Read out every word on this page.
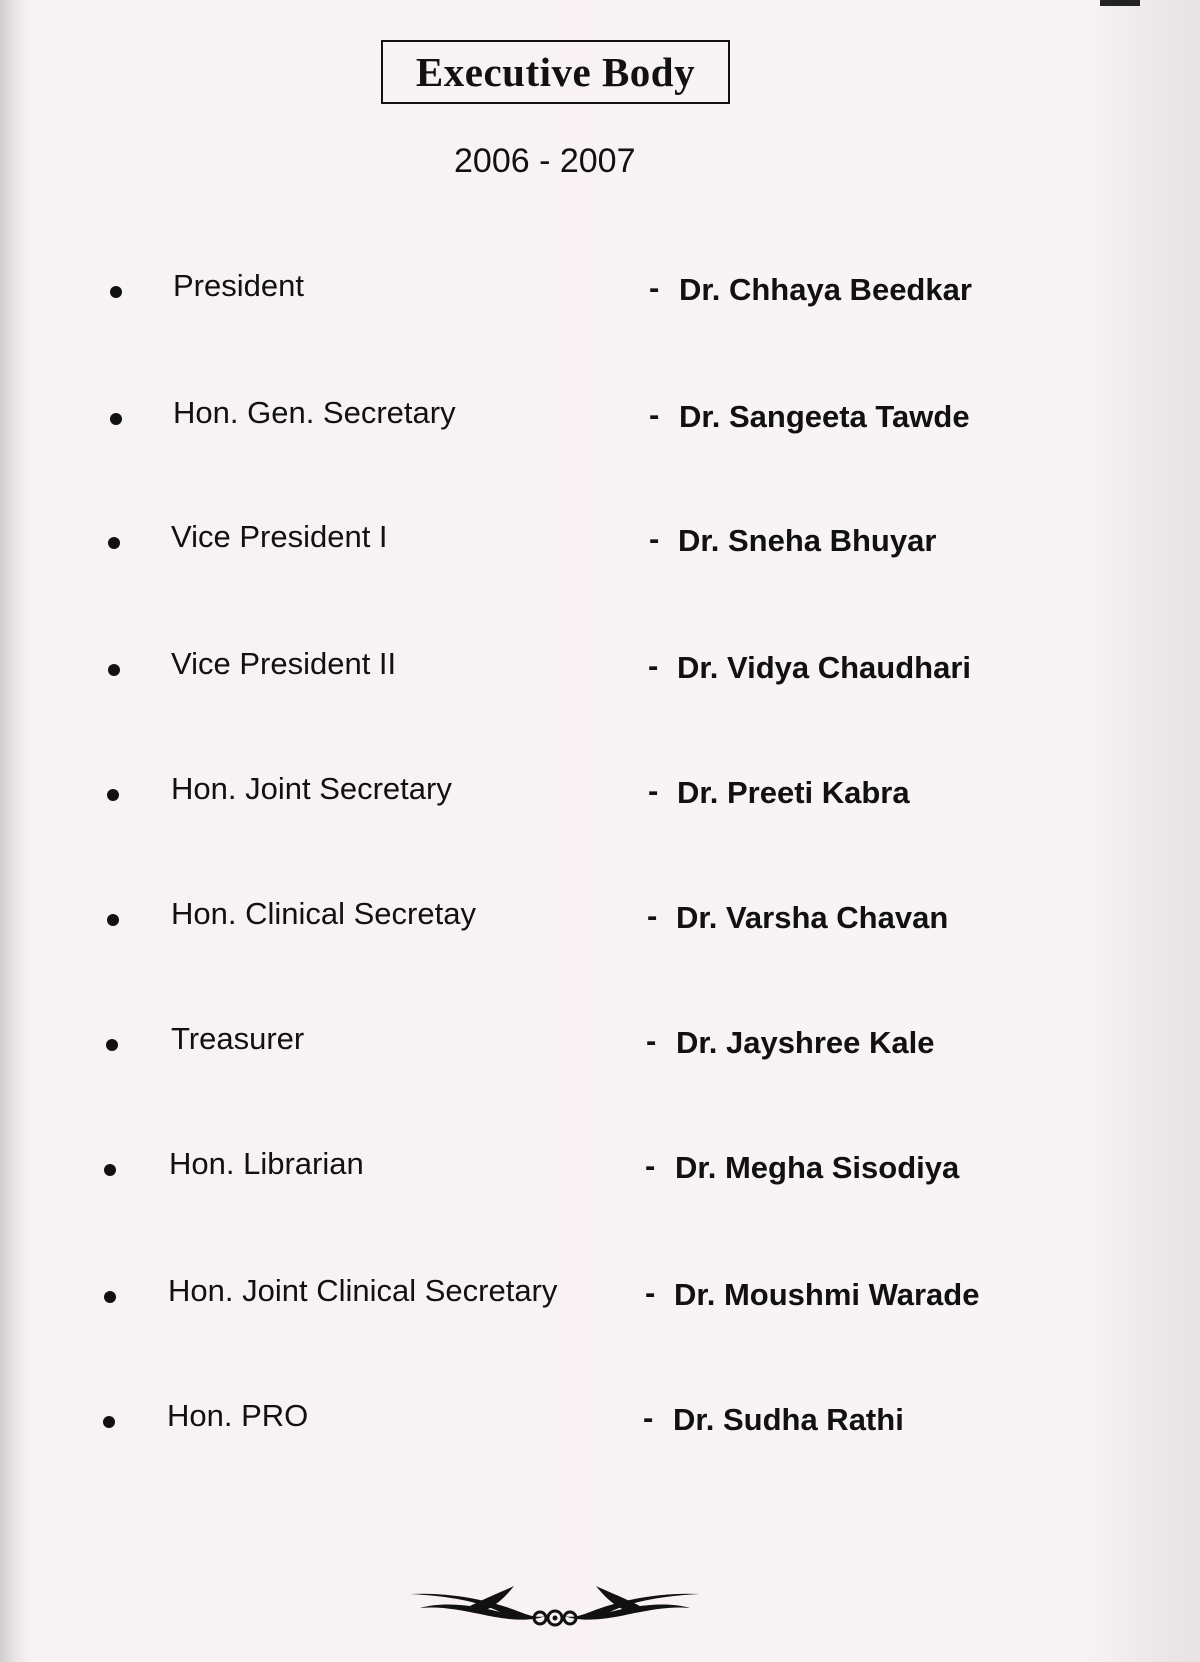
Executive Body
2006 - 2007
President	- Dr. Chhaya Beedkar
Hon. Gen. Secretary	- Dr. Sangeeta Tawde
Vice President I	- Dr. Sneha Bhuyar
Vice President II	- Dr. Vidya Chaudhari
Hon. Joint Secretary	- Dr. Preeti Kabra
Hon. Clinical Secretay	- Dr. Varsha Chavan
Treasurer	- Dr. Jayshree Kale
Hon. Librarian	- Dr. Megha Sisodiya
Hon. Joint Clinical Secretary	- Dr. Moushmi Warade
Hon. PRO	- Dr. Sudha Rathi
